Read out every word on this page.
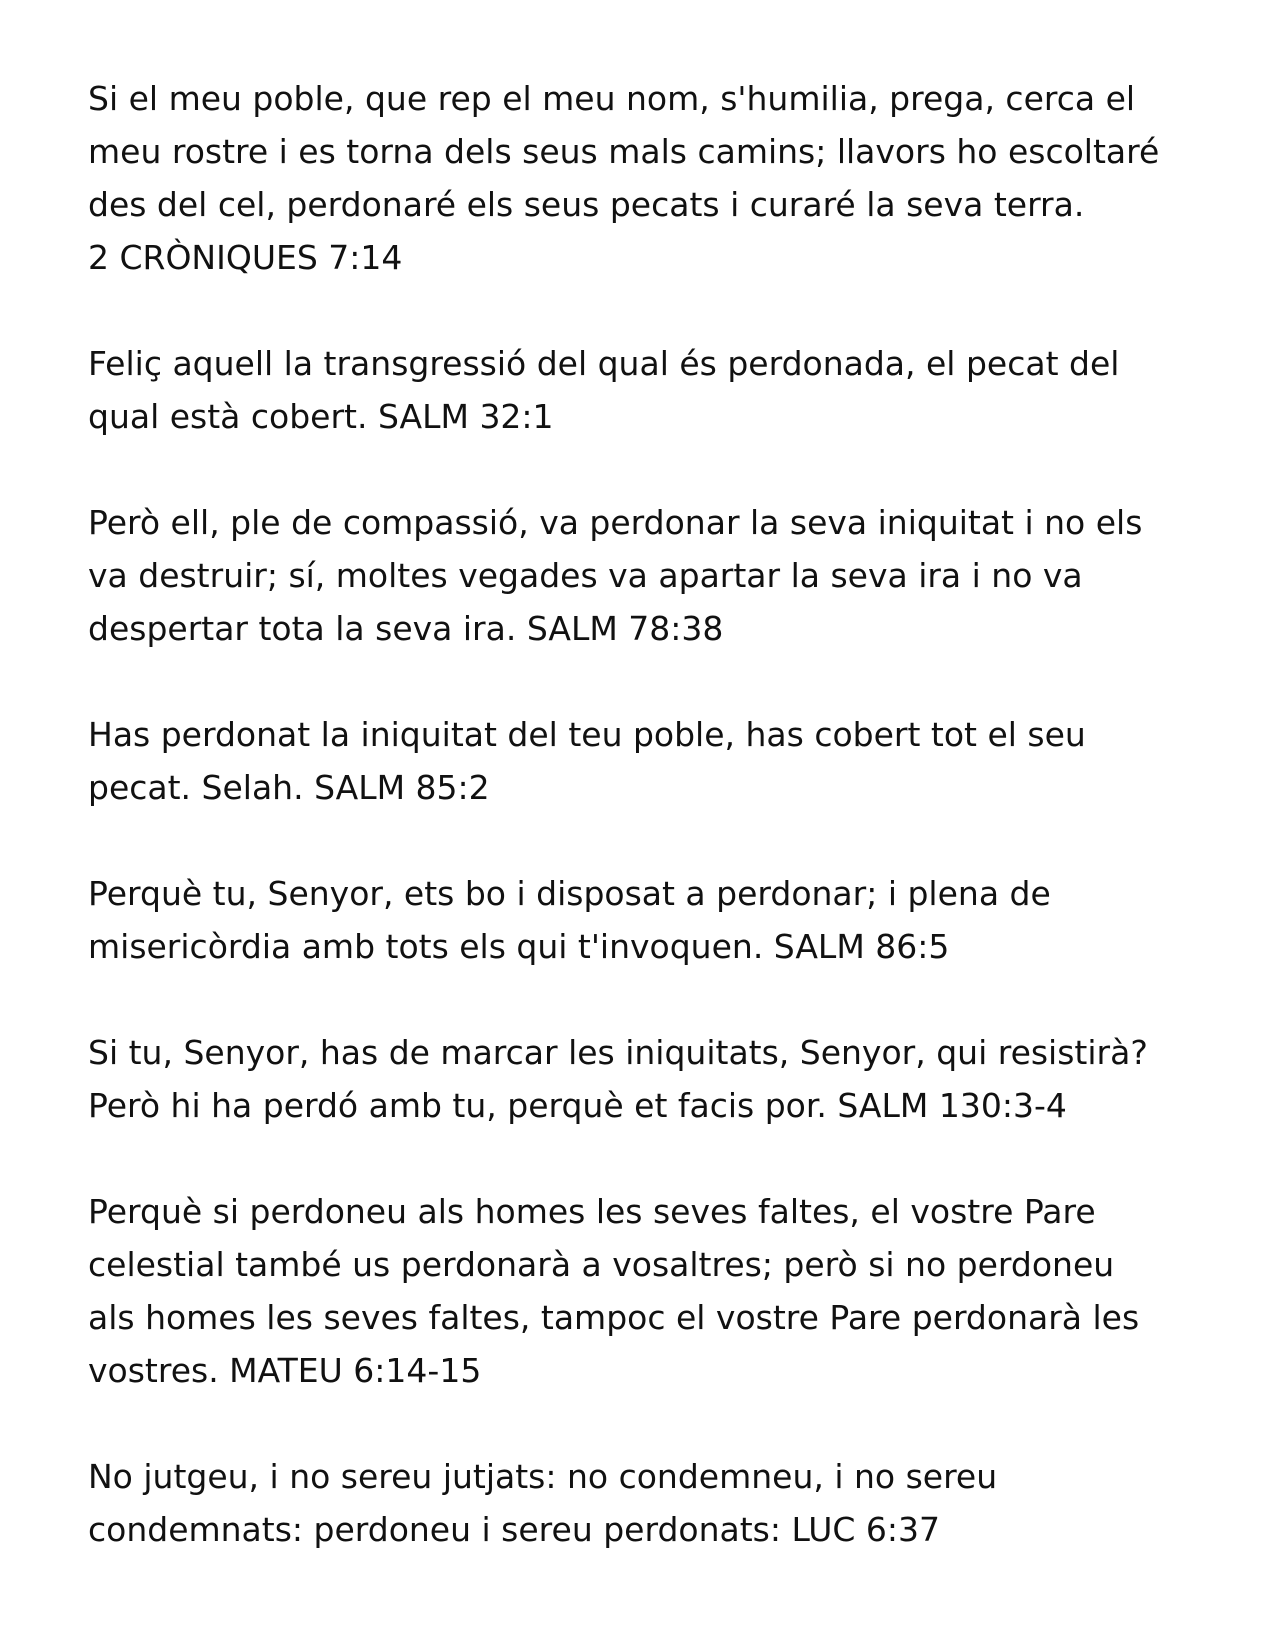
Si el meu poble, que rep el meu nom, s'humilia, prega, cerca el
meu rostre i es torna dels seus mals camins; llavors ho escoltaré
des del cel, perdonaré els seus pecats i curaré la seva terra.
2 CRÒNIQUES 7:14

Feliç aquell la transgressió del qual és perdonada, el pecat del
qual està cobert. SALM 32:1

Però ell, ple de compassió, va perdonar la seva iniquitat i no els
va destruir; sí, moltes vegades va apartar la seva ira i no va
despertar tota la seva ira. SALM 78:38

Has perdonat la iniquitat del teu poble, has cobert tot el seu
pecat. Selah. SALM 85:2

Perquè tu, Senyor, ets bo i disposat a perdonar; i plena de
misericòrdia amb tots els qui t'invoquen. SALM 86:5

Si tu, Senyor, has de marcar les iniquitats, Senyor, qui resistirà?
Però hi ha perdó amb tu, perquè et facis por. SALM 130:3-4

Perquè si perdoneu als homes les seves faltes, el vostre Pare
celestial també us perdonarà a vosaltres; però si no perdoneu
als homes les seves faltes, tampoc el vostre Pare perdonarà les
vostres. MATEU 6:14-15

No jutgeu, i no sereu jutjats: no condemneu, i no sereu
condemnats: perdoneu i sereu perdonats: LUC 6:37
